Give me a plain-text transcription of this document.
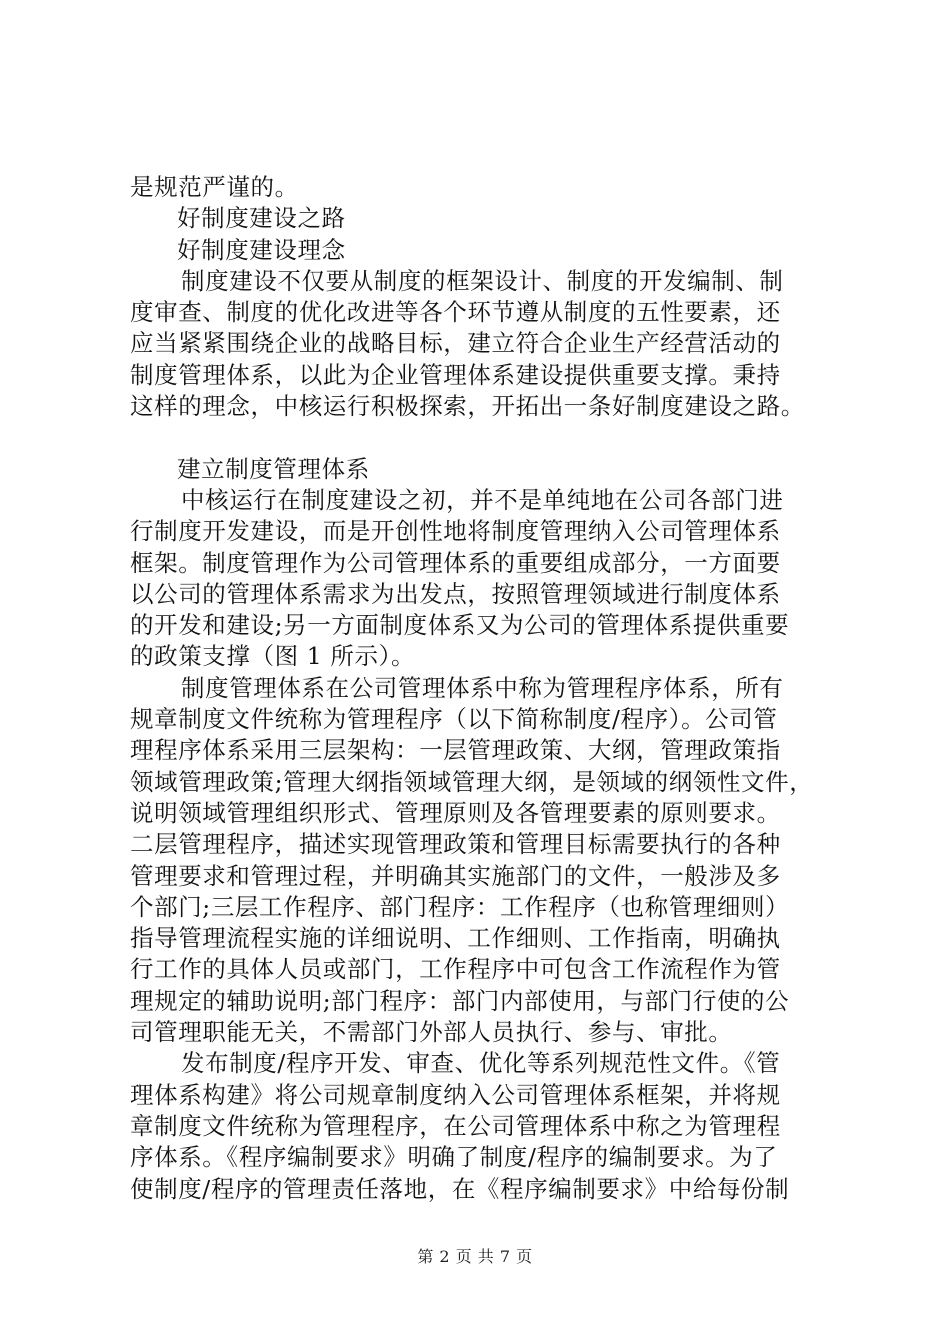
是规范严谨的。
好制度建设之路
好制度建设理念
制度建设不仅要从制度的框架设计、制度的开发编制、制
度审查、制度的优化改进等各个环节遵从制度的五性要素，还
应当紧紧围绕企业的战略目标，建立符合企业生产经营活动的
制度管理体系，以此为企业管理体系建设提供重要支撑。秉持
这样的理念，中核运行积极探索，开拓出一条好制度建设之路。
建立制度管理体系
中核运行在制度建设之初，并不是单纯地在公司各部门进
行制度开发建设，而是开创性地将制度管理纳入公司管理体系
框架。制度管理作为公司管理体系的重要组成部分，一方面要
以公司的管理体系需求为出发点，按照管理领域进行制度体系
的开发和建设;另一方面制度体系又为公司的管理体系提供重要
的政策支撑（图 1 所示）。
制度管理体系在公司管理体系中称为管理程序体系，所有
规章制度文件统称为管理程序（以下简称制度/程序）。公司管
理程序体系采用三层架构：一层管理政策、大纲，管理政策指
领域管理政策;管理大纲指领域管理大纲，是领域的纲领性文件，
说明领域管理组织形式、管理原则及各管理要素的原则要求。
二层管理程序，描述实现管理政策和管理目标需要执行的各种
管理要求和管理过程，并明确其实施部门的文件，一般涉及多
个部门;三层工作程序、部门程序：工作程序（也称管理细则）
指导管理流程实施的详细说明、工作细则、工作指南，明确执
行工作的具体人员或部门，工作程序中可包含工作流程作为管
理规定的辅助说明;部门程序：部门内部使用，与部门行使的公
司管理职能无关，不需部门外部人员执行、参与、审批。
发布制度/程序开发、审查、优化等系列规范性文件。《管
理体系构建》将公司规章制度纳入公司管理体系框架，并将规
章制度文件统称为管理程序，在公司管理体系中称之为管理程
序体系。《程序编制要求》明确了制度/程序的编制要求。为了
使制度/程序的管理责任落地，在《程序编制要求》中给每份制
第 2 页 共 7 页
